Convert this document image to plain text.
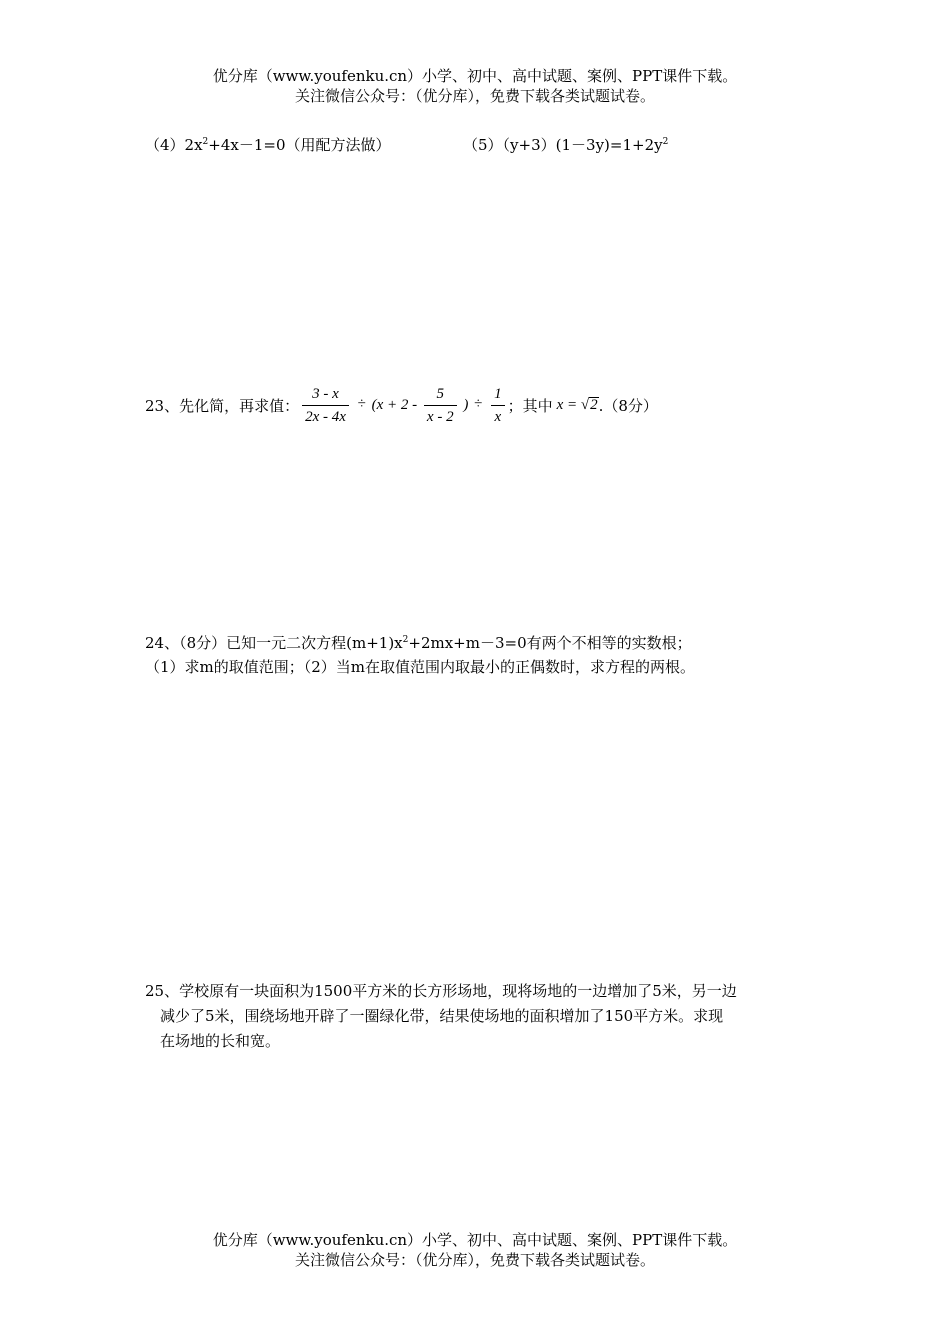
优分库（www.youfenku.cn）小学、初中、高中试题、案例、PPT课件下载。
关注微信公众号：（优分库），免费下载各类试题试卷。
$(4)2x^2+4x-1=0$（用配方法做）	$(5)(y+3)(1-3y)=1+2y^2$
23、先化简，再求值： $\frac{3 - x}{2x - 4x} \div (x + 2 - \frac{5}{x - 2}$ ) ÷ $\frac{1}{x}$ ；其中 x = √2 .（8分）
24、（8分）已知一元二次方程$(m+1)x^2+2mx+m-3=0$有两个不相等的实数根；
（1）求m的取值范围；（2）当m在取值范围内取最小的正偶数时，求方程的两根。
25、学校原有一块面积为1500平方米的长方形场地，现将场地的一边增加了5米，另一边
减少了5米，围绕场地开辟了一圈绿化带，结果使场地的面积增加了150平方米。求现
在场地的长和宽。
优分库（www.youfenku.cn）小学、初中、高中试题、案例、PPT课件下载。
关注微信公众号：（优分库），免费下载各类试题试卷。
